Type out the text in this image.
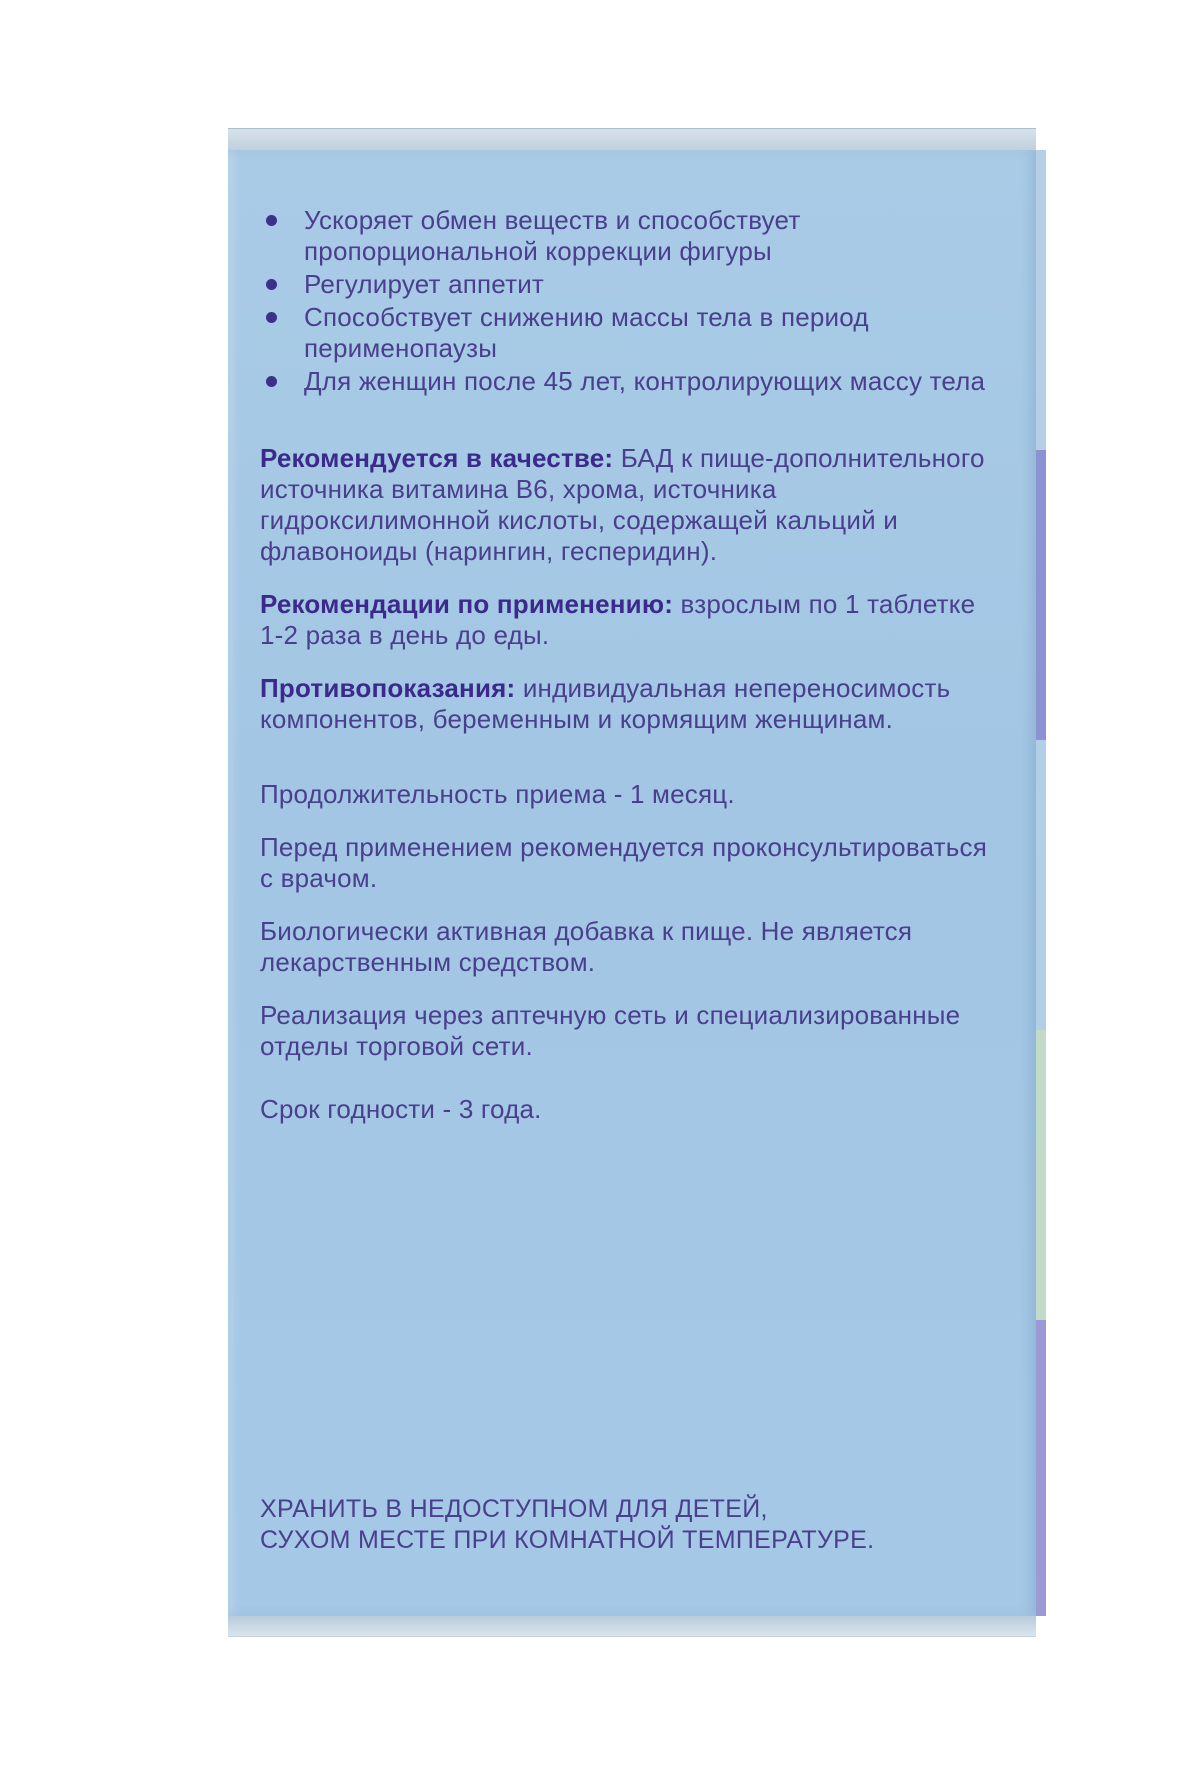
Ускоряет обмен веществ и способствует пропорциональной коррекции фигуры
Регулирует аппетит
Способствует снижению массы тела в период перименопаузы
Для женщин после 45 лет, контролирующих массу тела

Рекомендуется в качестве: БАД к пище-дополнительного источника витамина В6, хрома, источника гидроксилимонной кислоты, содержащей кальций и флавоноиды (нарингин, гесперидин).

Рекомендации по применению: взрослым по 1 таблетке 1-2 раза в день до еды.

Противопоказания: индивидуальная непереносимость компонентов, беременным и кормящим женщинам.

Продолжительность приема - 1 месяц.

Перед применением рекомендуется проконсультироваться с врачом.

Биологически активная добавка к пище. Не является лекарственным средством.

Реализация через аптечную сеть и специализированные отделы торговой сети.

Срок годности - 3 года.

ХРАНИТЬ В НЕДОСТУПНОМ ДЛЯ ДЕТЕЙ,
СУХОМ МЕСТЕ ПРИ КОМНАТНОЙ ТЕМПЕРАТУРЕ.
